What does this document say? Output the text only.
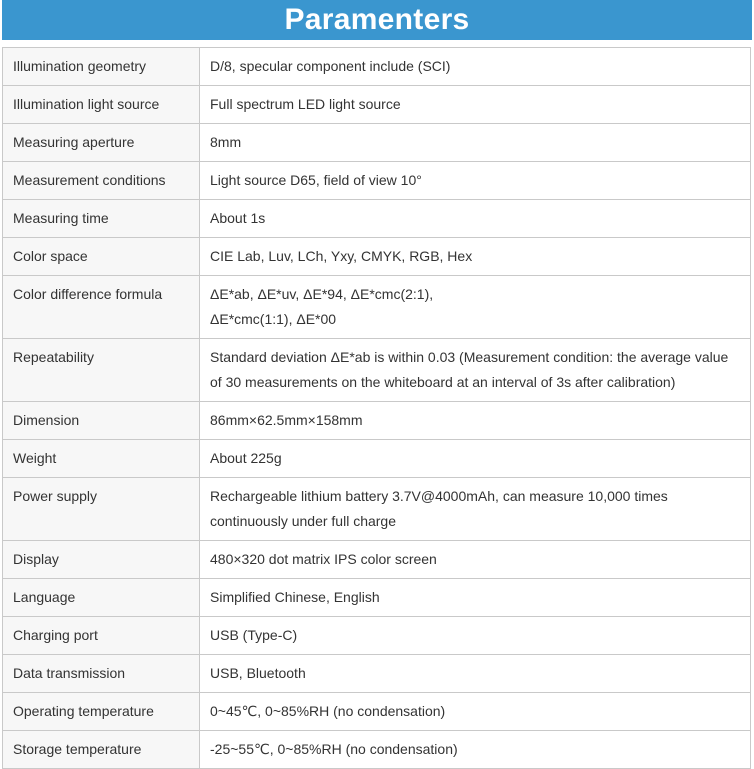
Paramenters
Illumination geometry	D/8, specular component include (SCI)
Illumination light source	Full spectrum LED light source
Measuring aperture	8mm
Measurement conditions	Light source D65, field of view 10°
Measuring time	About 1s
Color space	CIE Lab, Luv, LCh, Yxy, CMYK, RGB, Hex
Color difference formula	ΔE*ab, ΔE*uv, ΔE*94, ΔE*cmc(2:1),
ΔE*cmc(1:1), ΔE*00

Repeatability	Standard deviation ΔE*ab is within 0.03 (Measurement condition: the average value
of 30 measurements on the whiteboard at an interval of 3s after calibration)

Dimension	86mm×62.5mm×158mm
Weight	About 225g
Power supply	Rechargeable lithium battery 3.7V@4000mAh, can measure 10,000 times
continuously under full charge

Display	480×320 dot matrix IPS color screen
Language	Simplified Chinese, English
Charging port	USB (Type-C)
Data transmission	USB, Bluetooth
Operating temperature	0~45℃, 0~85%RH (no condensation)
Storage temperature	-25~55℃, 0~85%RH (no condensation)
